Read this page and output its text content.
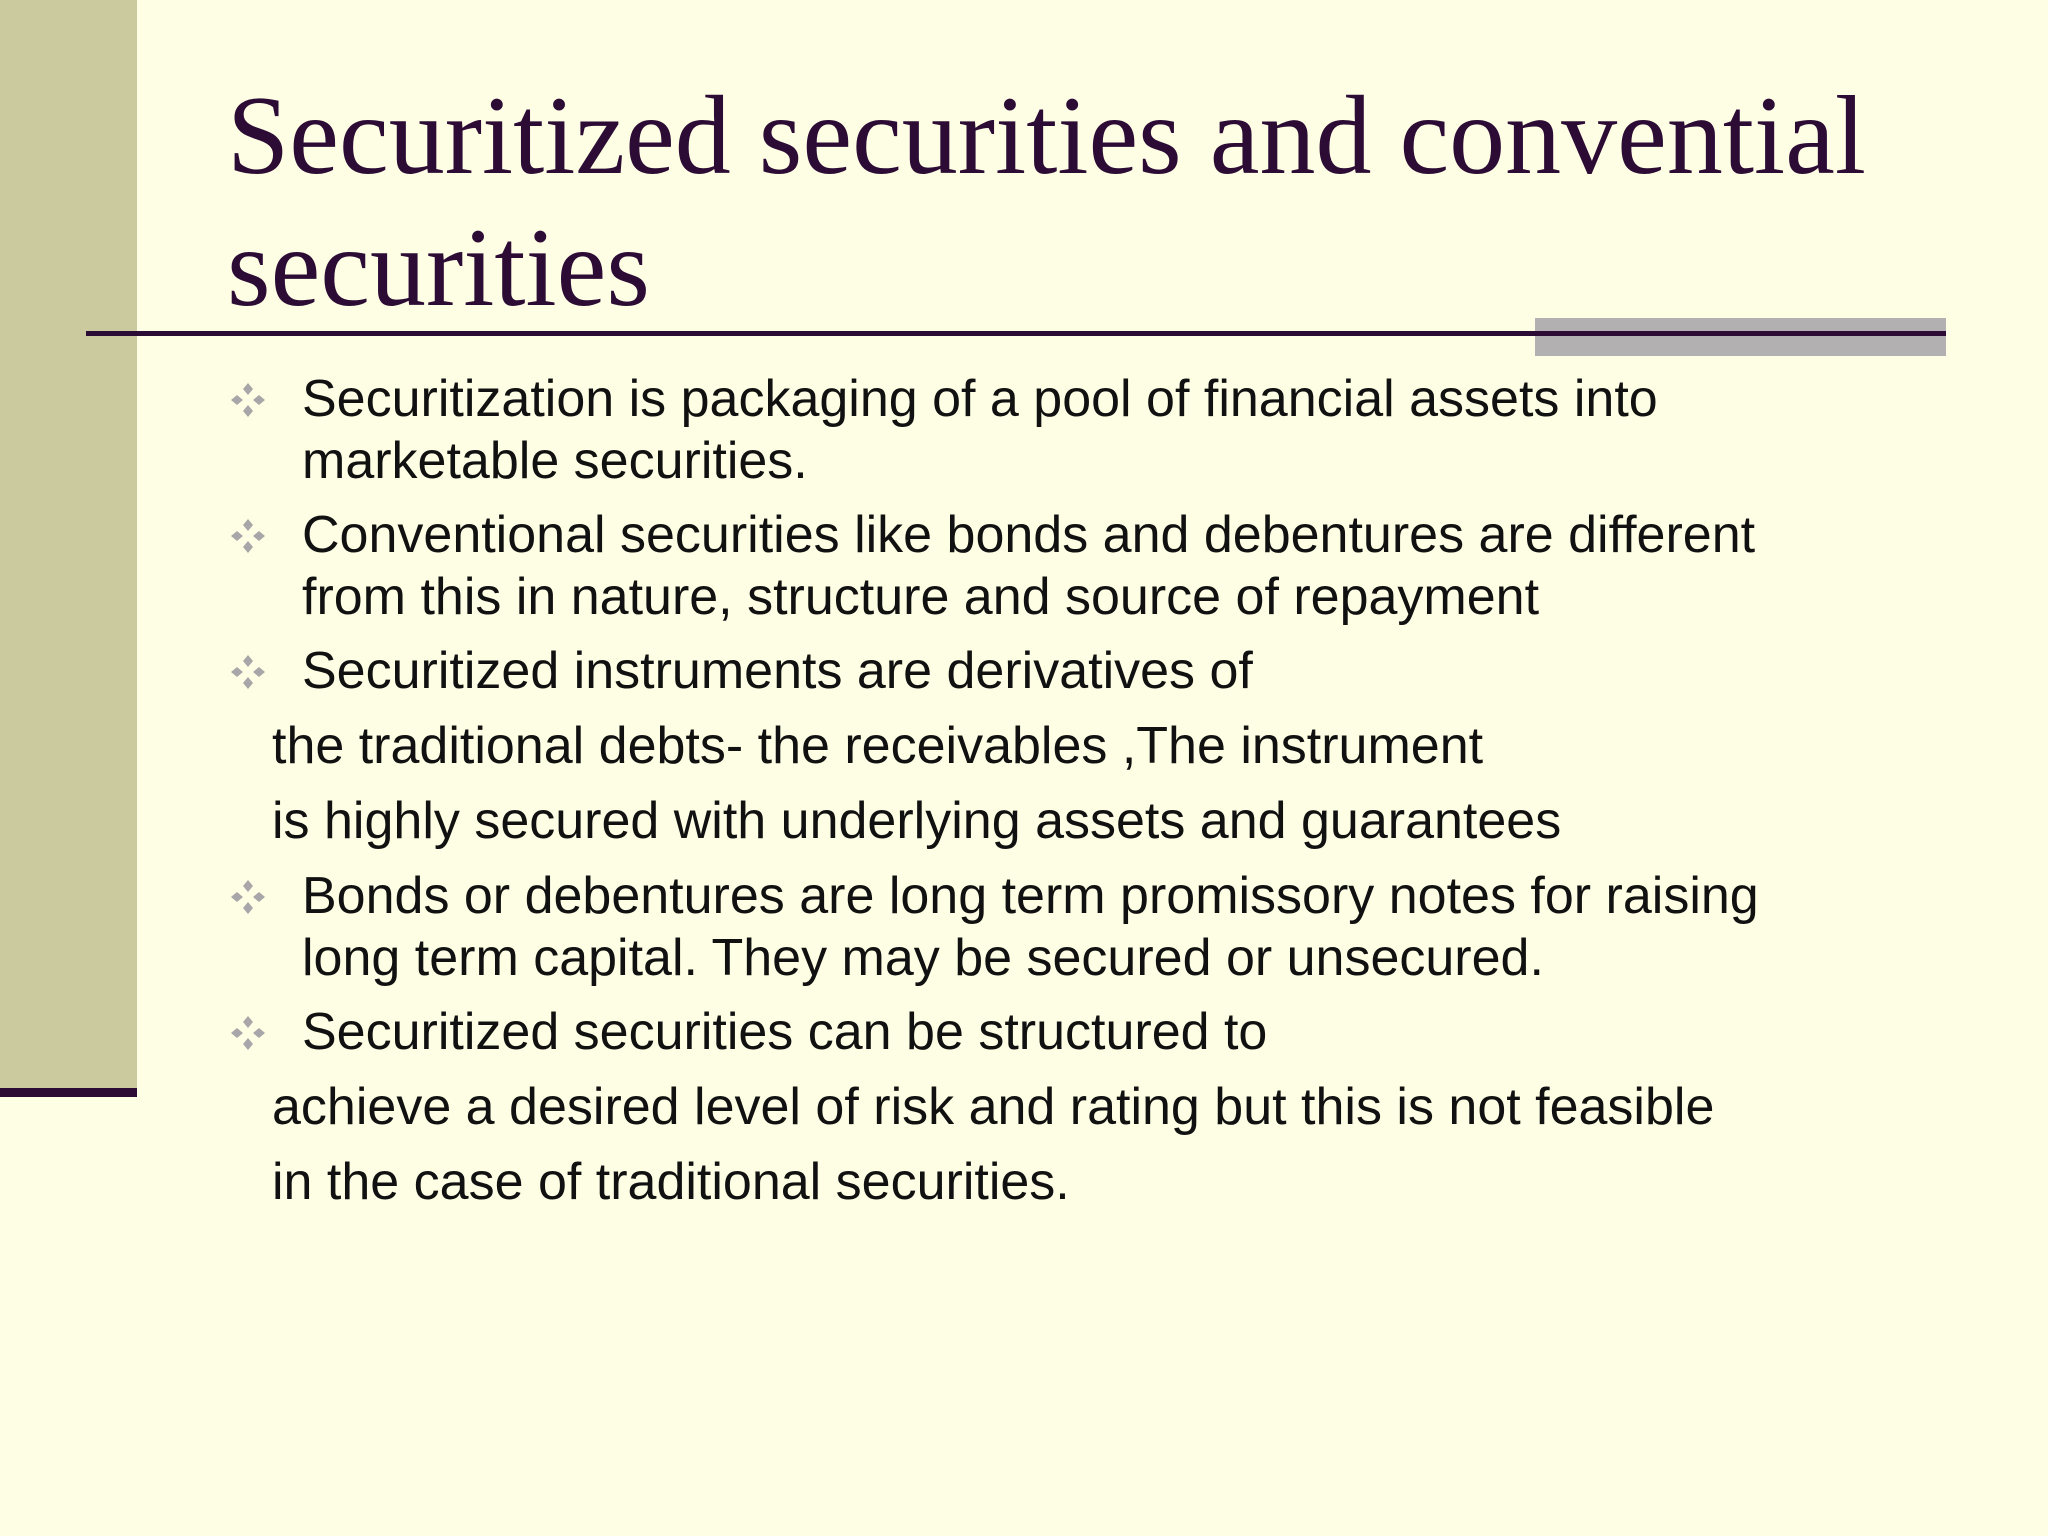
Securitized securities and convential securities

Securitization is packaging of a pool of financial assets into

marketable securities.

Conventional securities like bonds and debentures are different

from this in nature, structure and source of repayment

Securitized instruments are derivatives of

the traditional debts- the receivables ,The instrument

is highly secured with underlying assets and guarantees

Bonds or debentures are long term promissory notes for raising

long term capital. They may be secured or unsecured.

Securitized securities can be structured to

achieve a desired level of risk and rating but this is not feasible

in the case of traditional securities.
